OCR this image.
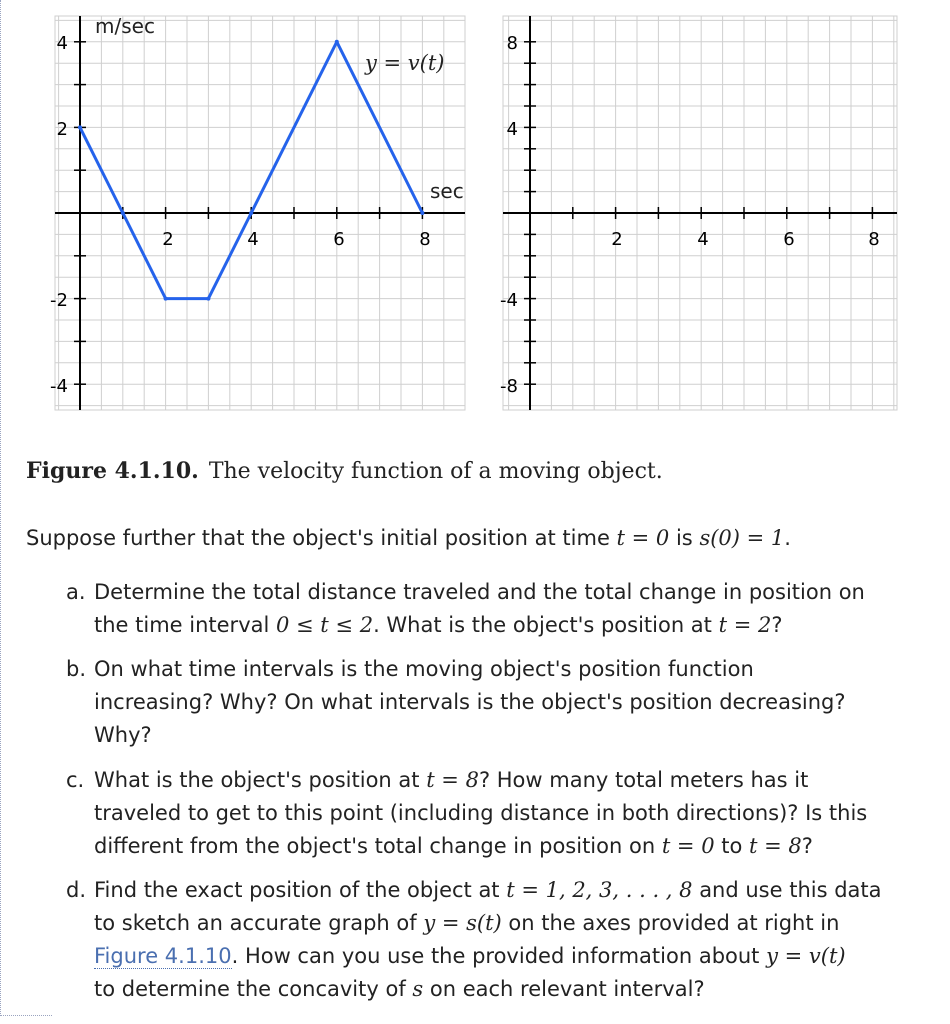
m/sec
sec
y = v(t)
2	4	6	8
4
2
-2
-4
2	4	6	8
8
4
-4
-8
Figure 4.1.10. The velocity function of a moving object.
Suppose further that the object's initial position at time t = 0 is s(0) = 1.
a. Determine the total distance traveled and the total change in position on
the time interval 0 ≤ t ≤ 2. What is the object's position at t = 2?
b. On what time intervals is the moving object's position function
increasing? Why? On what intervals is the object's position decreasing?
Why?
c. What is the object's position at t = 8? How many total meters has it
traveled to get to this point (including distance in both directions)? Is this
different from the object's total change in position on t = 0 to t = 8?
d. Find the exact position of the object at t = 1, 2, 3, . . . , 8 and use this data
to sketch an accurate graph of y = s(t) on the axes provided at right in
Figure 4.1.10. How can you use the provided information about y = v(t)
to determine the concavity of s on each relevant interval?
